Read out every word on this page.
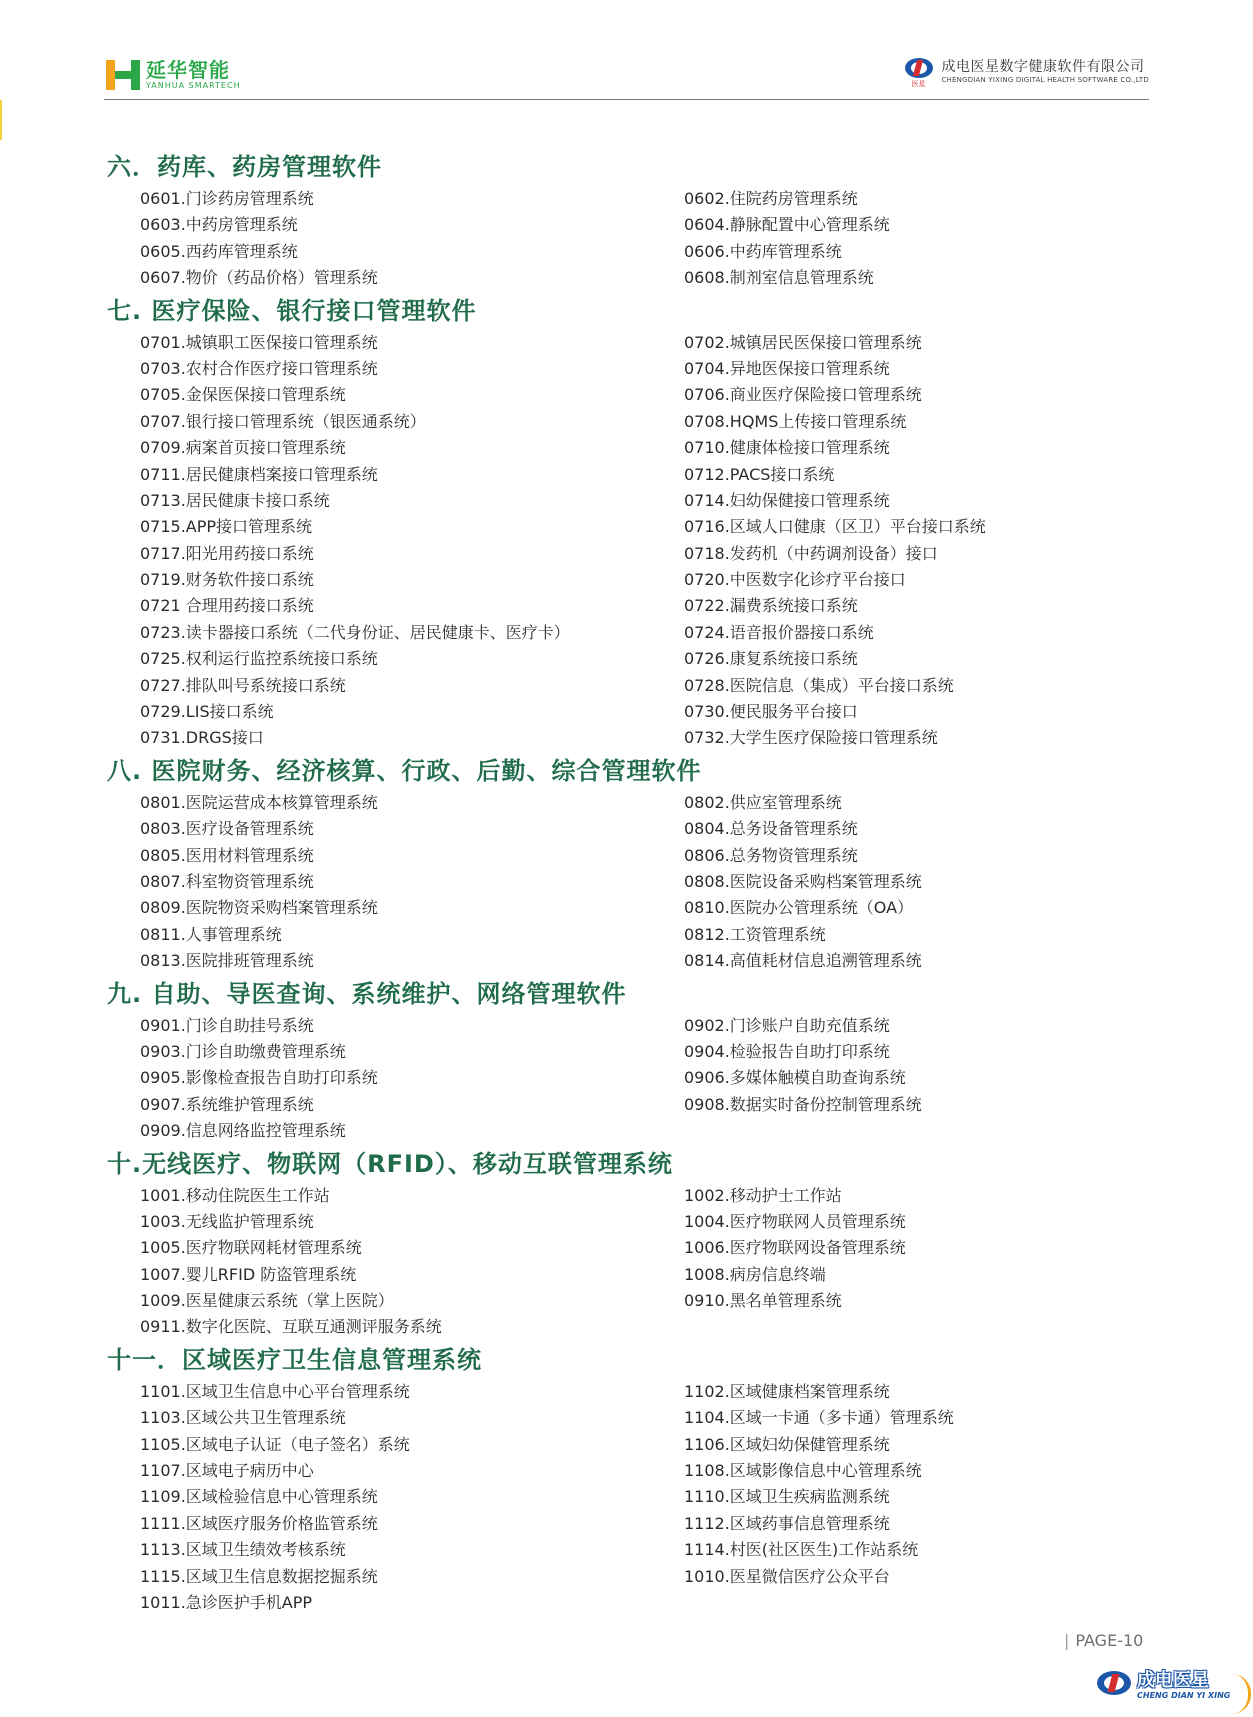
延华智能
YANHUA SMARTECH	医星
成电医星数字健康软件有限公司
CHENGDIAN YIXING DIGITAL HEALTH SOFTWARE CO.,LTD
六．药库、药房管理软件
0601.门诊药房管理系统	0602.住院药房管理系统
0603.中药房管理系统	0604.静脉配置中心管理系统
0605.西药库管理系统	0606.中药库管理系统
0607.物价（药品价格）管理系统	0608.制剂室信息管理系统
七. 医疗保险、银行接口管理软件
0701.城镇职工医保接口管理系统	0702.城镇居民医保接口管理系统
0703.农村合作医疗接口管理系统	0704.异地医保接口管理系统
0705.金保医保接口管理系统	0706.商业医疗保险接口管理系统
0707.银行接口管理系统（银医通系统）	0708.HQMS上传接口管理系统
0709.病案首页接口管理系统	0710.健康体检接口管理系统
0711.居民健康档案接口管理系统	0712.PACS接口系统
0713.居民健康卡接口系统	0714.妇幼保健接口管理系统
0715.APP接口管理系统	0716.区域人口健康（区卫）平台接口系统
0717.阳光用药接口系统	0718.发药机（中药调剂设备）接口
0719.财务软件接口系统	0720.中医数字化诊疗平台接口
0721 合理用药接口系统	0722.漏费系统接口系统
0723.读卡器接口系统（二代身份证、居民健康卡、医疗卡）	0724.语音报价器接口系统
0725.权利运行监控系统接口系统	0726.康复系统接口系统
0727.排队叫号系统接口系统	0728.医院信息（集成）平台接口系统
0729.LIS接口系统	0730.便民服务平台接口
0731.DRGS接口	0732.大学生医疗保险接口管理系统
八. 医院财务、经济核算、行政、后勤、综合管理软件
0801.医院运营成本核算管理系统	0802.供应室管理系统
0803.医疗设备管理系统	0804.总务设备管理系统
0805.医用材料管理系统	0806.总务物资管理系统
0807.科室物资管理系统	0808.医院设备采购档案管理系统
0809.医院物资采购档案管理系统	0810.医院办公管理系统（OA）
0811.人事管理系统	0812.工资管理系统
0813.医院排班管理系统	0814.高值耗材信息追溯管理系统
九. 自助、导医查询、系统维护、网络管理软件
0901.门诊自助挂号系统	0902.门诊账户自助充值系统
0903.门诊自助缴费管理系统	0904.检验报告自助打印系统
0905.影像检查报告自助打印系统	0906.多媒体触模自助查询系统
0907.系统维护管理系统	0908.数据实时备份控制管理系统
0909.信息网络监控管理系统
十.无线医疗、物联网（RFID）、移动互联管理系统
1001.移动住院医生工作站	1002.移动护士工作站
1003.无线监护管理系统	1004.医疗物联网人员管理系统
1005.医疗物联网耗材管理系统	1006.医疗物联网设备管理系统
1007.婴儿RFID 防盗管理系统	1008.病房信息终端
1009.医星健康云系统（掌上医院）	0910.黑名单管理系统
0911.数字化医院、互联互通测评服务系统
十一．区域医疗卫生信息管理系统
1101.区域卫生信息中心平台管理系统	1102.区域健康档案管理系统
1103.区域公共卫生管理系统	1104.区域一卡通（多卡通）管理系统
1105.区域电子认证（电子签名）系统	1106.区域妇幼保健管理系统
1107.区域电子病历中心	1108.区域影像信息中心管理系统
1109.区域检验信息中心管理系统	1110.区域卫生疾病监测系统
1111.区域医疗服务价格监管系统	1112.区域药事信息管理系统
1113.区域卫生绩效考核系统	1114.村医(社区医生)工作站系统
1115.区域卫生信息数据挖掘系统	1010.医星微信医疗公众平台
1011.急诊医护手机APP
| PAGE-10
成电医星
CHENG DIAN YI XING
